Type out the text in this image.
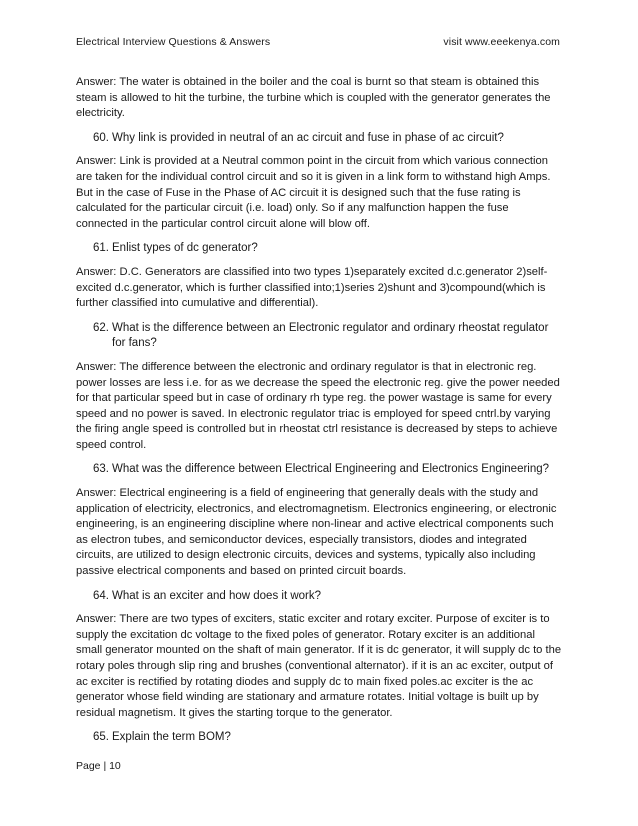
Electrical Interview Questions & Answers	visit www.eeekenya.com

Answer: The water is obtained in the boiler and the coal is burnt so that steam is obtained this steam is allowed to hit the turbine, the turbine which is coupled with the generator generates the electricity.

60. Why link is provided in neutral of an ac circuit and fuse in phase of ac circuit?

Answer: Link is provided at a Neutral common point in the circuit from which various connection are taken for the individual control circuit and so it is given in a link form to withstand high Amps. But in the case of Fuse in the Phase of AC circuit it is designed such that the fuse rating is calculated for the particular circuit (i.e. load) only. So if any malfunction happen the fuse connected in the particular control circuit alone will blow off.

61. Enlist types of dc generator?

Answer: D.C. Generators are classified into two types 1)separately excited d.c.generator 2)self-excited d.c.generator, which is further classified into;1)series 2)shunt and 3)compound(which is further classified into cumulative and differential).

62. What is the difference between an Electronic regulator and ordinary rheostat regulator for fans?

Answer: The difference between the electronic and ordinary regulator is that in electronic reg. power losses are less i.e. for as we decrease the speed the electronic reg. give the power needed for that particular speed but in case of ordinary rh type reg. the power wastage is same for every speed and no power is saved. In electronic regulator triac is employed for speed cntrl.by varying the firing angle speed is controlled but in rheostat ctrl resistance is decreased by steps to achieve speed control.

63. What was the difference between Electrical Engineering and Electronics Engineering?

Answer: Electrical engineering is a field of engineering that generally deals with the study and application of electricity, electronics, and electromagnetism. Electronics engineering, or electronic engineering, is an engineering discipline where non-linear and active electrical components such as electron tubes, and semiconductor devices, especially transistors, diodes and integrated circuits, are utilized to design electronic circuits, devices and systems, typically also including passive electrical components and based on printed circuit boards.

64. What is an exciter and how does it work?

Answer: There are two types of exciters, static exciter and rotary exciter. Purpose of exciter is to supply the excitation dc voltage to the fixed poles of generator. Rotary exciter is an additional small generator mounted on the shaft of main generator. If it is dc generator, it will supply dc to the rotary poles through slip ring and brushes (conventional alternator). if it is an ac exciter, output of ac exciter is rectified by rotating diodes and supply dc to main fixed poles.ac exciter is the ac generator whose field winding are stationary and armature rotates. Initial voltage is built up by residual magnetism. It gives the starting torque to the generator.

65. Explain the term BOM?
Page | 10
